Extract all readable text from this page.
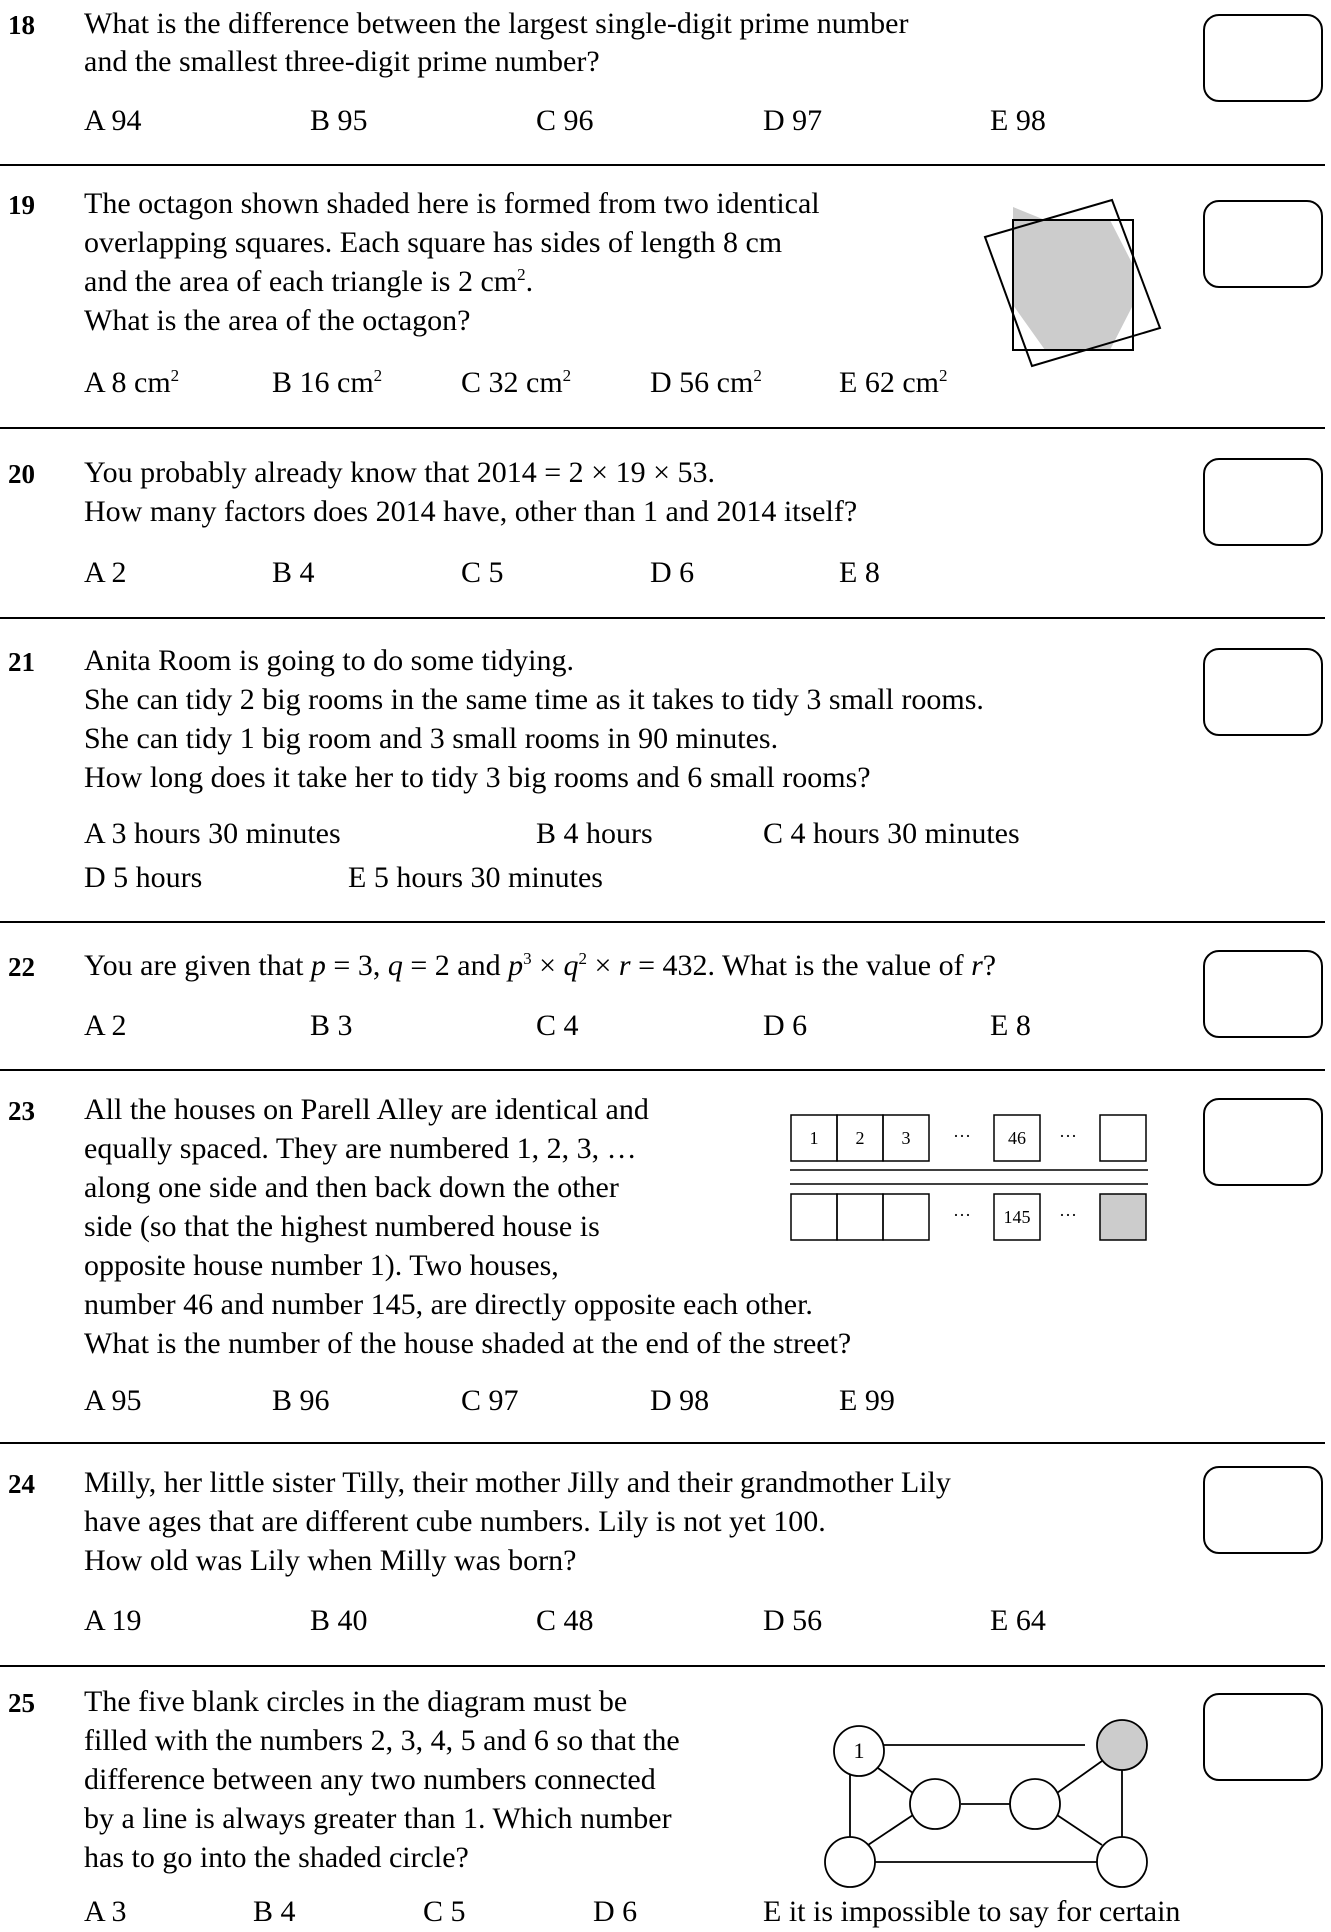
18 What is the difference between the largest single-digit prime number
and the smallest three-digit prime number?
A 94	B 95	C 96	D 97	E 98
19 The octagon shown shaded here is formed from two identical
overlapping squares. Each square has sides of length 8 cm
and the area of each triangle is 2 $cm^2$.
What is the area of the octagon?
A 8 $cm^2$	B 16 $cm^2$	C 32 $cm^2$	D 56 $cm^2$	E 62 $cm^2$
20 You probably already know that 2014 = 2 × 19 × 53.
How many factors does 2014 have, other than 1 and 2014 itself?
A 2	B 4	C 5	D 6	E 8
21 Anita Room is going to do some tidying.
She can tidy 2 big rooms in the same time as it takes to tidy 3 small rooms.
She can tidy 1 big room and 3 small rooms in 90 minutes.
How long does it take her to tidy 3 big rooms and 6 small rooms?
A 3 hours 30 minutes	B 4 hours	C 4 hours 30 minutes
D 5 hours	E 5 hours 30 minutes
22 You are given that p = 3, q = 2 and $p^3 \times q^2 \times r = 432$. What is the value of r?
A 2	B 3	C 4	D 6	E 8
23 All the houses on Parell Alley are identical and
equally spaced. They are numbered 1, 2, 3, …
along one side and then back down the other
side (so that the highest numbered house is
opposite house number 1). Two houses,
number 46 and number 145, are directly opposite each other.
What is the number of the house shaded at the end of the street?
1 2 3 ··· 46 ···
··· 145 ···
A 95	B 96	C 97	D 98	E 99
24 Milly, her little sister Tilly, their mother Jilly and their grandmother Lily
have ages that are different cube numbers. Lily is not yet 100.
How old was Lily when Milly was born?
A 19	B 40	C 48	D 56	E 64
25 The five blank circles in the diagram must be
filled with the numbers 2, 3, 4, 5 and 6 so that the
difference between any two numbers connected
by a line is always greater than 1. Which number
has to go into the shaded circle?
1
A 3	B 4	C 5	D 6	E it is impossible to say for certain
